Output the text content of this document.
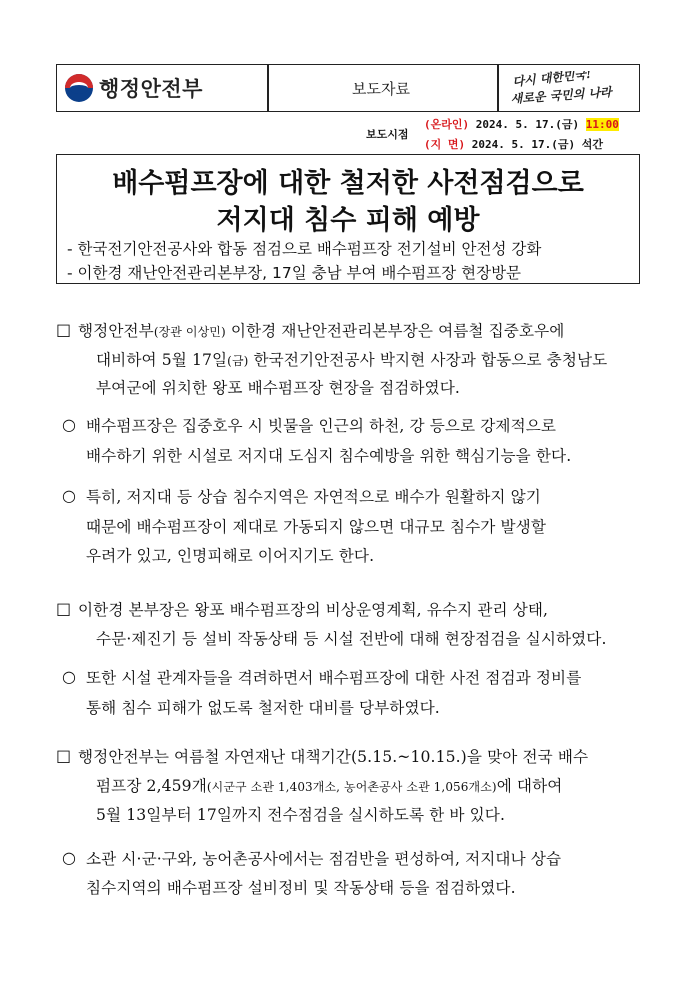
행정안전부	보도자료
다시 대한민국!
새로운 국민의 나라
보도시점
(온라인) 2024. 5. 17.(금) 11:00
(지 면) 2024. 5. 17.(금) 석간
배수펌프장에 대한 철저한 사전점검으로
저지대 침수 피해 예방
- 한국전기안전공사와 합동 점검으로 배수펌프장 전기설비 안전성 강화
- 이한경 재난안전관리본부장, 17일 충남 부여 배수펌프장 현장방문
□ 행정안전부(장관 이상민) 이한경 재난안전관리본부장은 여름철 집중호우에
대비하여 5월 17일(금) 한국전기안전공사 박지현 사장과 합동으로 충청남도
부여군에 위치한 왕포 배수펌프장 현장을 점검하였다.
○ 배수펌프장은 집중호우 시 빗물을 인근의 하천, 강 등으로 강제적으로
배수하기 위한 시설로 저지대 도심지 침수예방을 위한 핵심기능을 한다.
○ 특히, 저지대 등 상습 침수지역은 자연적으로 배수가 원활하지 않기
때문에 배수펌프장이 제대로 가동되지 않으면 대규모 침수가 발생할
우려가 있고, 인명피해로 이어지기도 한다.
□ 이한경 본부장은 왕포 배수펌프장의 비상운영계획, 유수지 관리 상태,
수문·제진기 등 설비 작동상태 등 시설 전반에 대해 현장점검을 실시하였다.
○ 또한 시설 관계자들을 격려하면서 배수펌프장에 대한 사전 점검과 정비를
통해 침수 피해가 없도록 철저한 대비를 당부하였다.
□ 행정안전부는 여름철 자연재난 대책기간(5.15.~10.15.)을 맞아 전국 배수
펌프장 2,459개(시군구 소관 1,403개소, 농어촌공사 소관 1,056개소)에 대하여
5월 13일부터 17일까지 전수점검을 실시하도록 한 바 있다.
○ 소관 시·군·구와, 농어촌공사에서는 점검반을 편성하여, 저지대나 상습
침수지역의 배수펌프장 설비정비 및 작동상태 등을 점검하였다.
